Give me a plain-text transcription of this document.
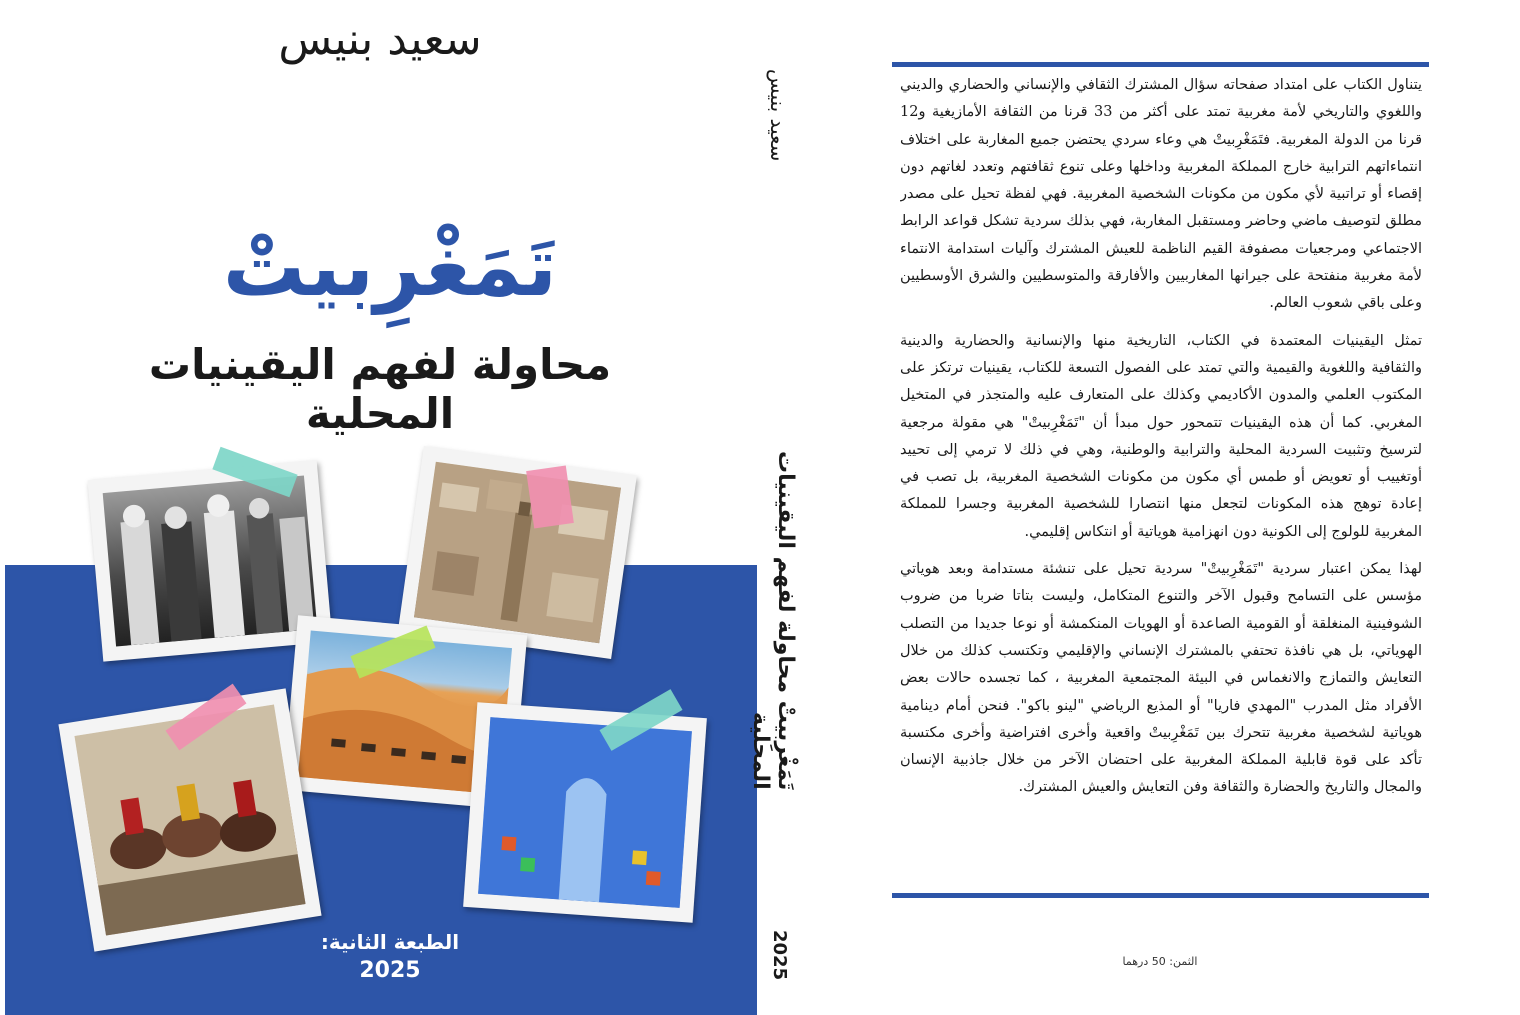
سعيد بنيس
تَمَغْرِبيتْ
محاولة لفهم اليقينيات المحلية
الطبعة الثانية:
2025
سعيد بنيس
تَمَغْرِبيتْ محاولة لفهم اليقينيات المحلية
2025

يتناول الكتاب على امتداد صفحاته سؤال المشترك الثقافي والإنساني والحضاري والديني واللغوي والتاريخي لأمة مغربية تمتد على أكثر من 33 قرنا من الثقافة الأمازيغية و12 قرنا من الدولة المغربية. فتَمَغْرِبيتْ هي وعاء سردي يحتضن جميع المغاربة على اختلاف انتماءاتهم الترابية خارج المملكة المغربية وداخلها وعلى تنوع ثقافتهم وتعدد لغاتهم دون إقصاء أو تراتبية لأي مكون من مكونات الشخصية المغربية. فهي لفظة تحيل على مصدر مطلق لتوصيف ماضي وحاضر ومستقبل المغاربة، فهي بذلك سردية تشكل قواعد الرابط الاجتماعي ومرجعيات مصفوفة القيم الناظمة للعيش المشترك وآليات استدامة الانتماء لأمة مغربية منفتحة على جيرانها المغاربيين والأفارقة والمتوسطيين والشرق الأوسطيين وعلى باقي شعوب العالم.

تمثل اليقينيات المعتمدة في الكتاب، التاريخية منها والإنسانية والحضارية والدينية والثقافية واللغوية والقيمية والتي تمتد على الفصول التسعة للكتاب، يقينيات ترتكز على المكتوب العلمي والمدون الأكاديمي وكذلك على المتعارف عليه والمتجذر في المتخيل المغربي. كما أن هذه اليقينيات تتمحور حول مبدأ أن "تَمَغْرِبيتْ" هي مقولة مرجعية لترسيخ وتثبيت السردية المحلية والترابية والوطنية، وهي في ذلك لا ترمي إلى تحييد أوتغييب أو تعويض أو طمس أي مكون من مكونات الشخصية المغربية، بل تصب في إعادة توهج هذه المكونات لتجعل منها انتصارا للشخصية المغربية وجسرا للمملكة المغربية للولوج إلى الكونية دون انهزامية هوياتية أو انتكاس إقليمي.

لهذا يمكن اعتبار سردية "تَمَغْرِبيتْ" سردية تحيل على تنشئة مستدامة وبعد هوياتي مؤسس على التسامح وقبول الآخر والتنوع المتكامل، وليست بتاتا ضربا من ضروب الشوفينية المنغلقة أو القومية الصاعدة أو الهويات المنكمشة أو نوعا جديدا من التصلب الهوياتي، بل هي نافذة تحتفي بالمشترك الإنساني والإقليمي وتكتسب كذلك من خلال التعايش والتمازج والانغماس في البيئة المجتمعية المغربية ، كما تجسده حالات بعض الأفراد مثل المدرب "المهدي فاريا" أو المذيع الرياضي "لينو باكو". فنحن أمام دينامية هوياتية لشخصية مغربية تتحرك بين تَمَغْرِبيتْ واقعية وأخرى افتراضية وأخرى مكتسبة تأكد على قوة قابلية المملكة المغربية على احتضان الآخر من خلال جاذبية الإنسان والمجال والتاريخ والحضارة والثقافة وفن التعايش والعيش المشترك.

الثمن: 50 درهما
